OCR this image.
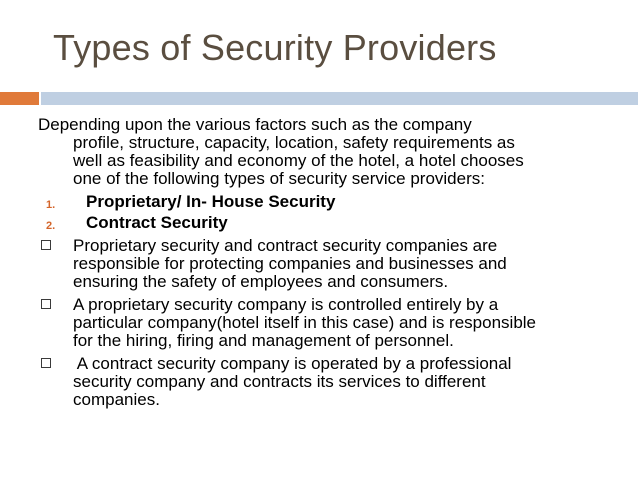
Types of Security Providers
Depending upon the various factors such as the company
profile, structure, capacity, location, safety requirements as
well as feasibility and economy of the hotel, a hotel chooses
one of the following types of security service providers:
1. Proprietary/ In- House Security
2. Contract Security
Proprietary security and contract security companies are
responsible for protecting companies and businesses and
ensuring the safety of employees and consumers.
A proprietary security company is controlled entirely by a
particular company(hotel itself in this case) and is responsible
for the hiring, firing and management of personnel.
A contract security company is operated by a professional
security company and contracts its services to different
companies.
